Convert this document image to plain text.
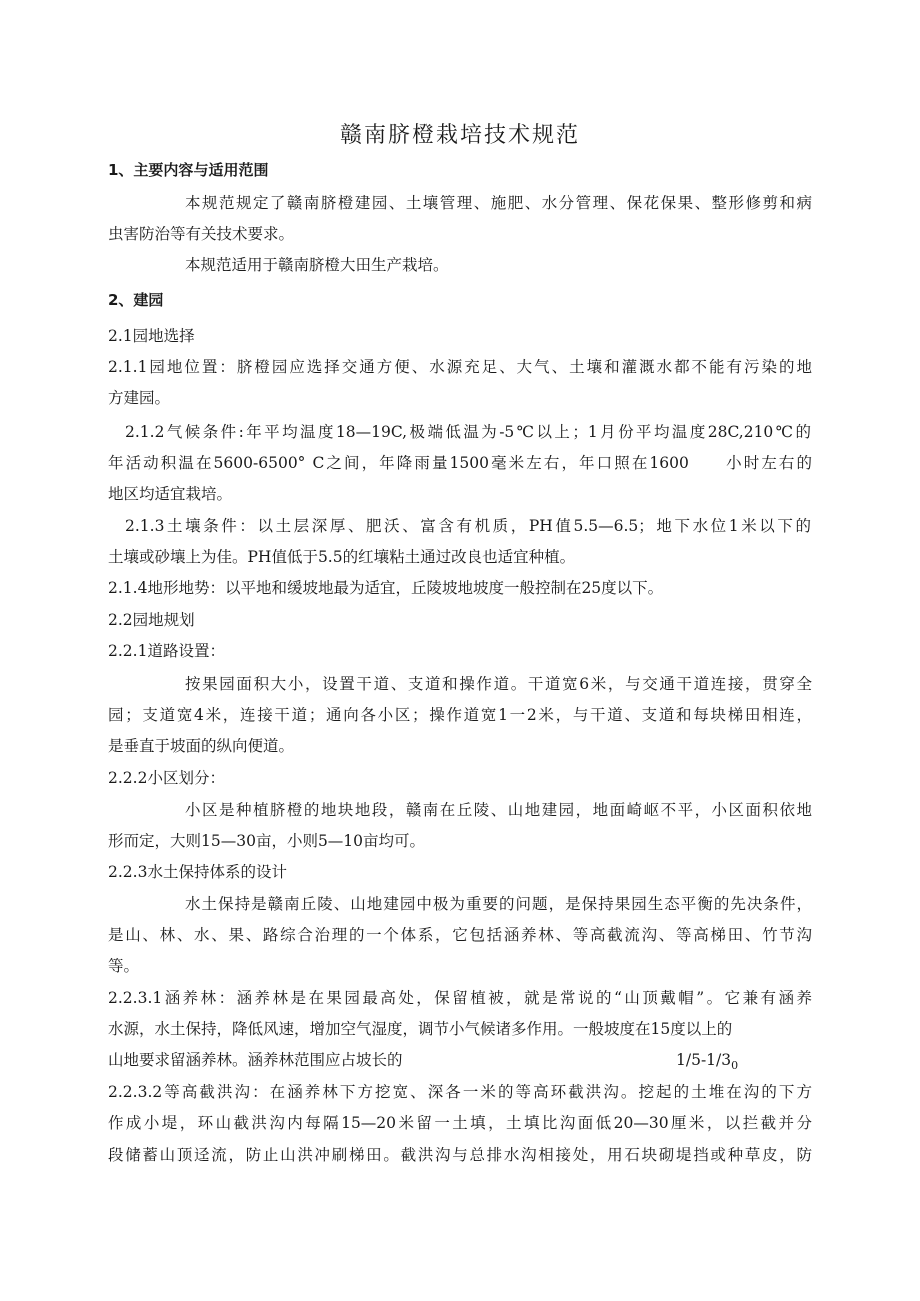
赣南脐橙栽培技术规范

1、主要内容与适用范围

本规范规定了赣南脐橙建园、土壤管理、施肥、水分管理、保花保果、整形修剪和病

虫害防治等有关技术要求。

本规范适用于赣南脐橙大田生产栽培。

2、建园

2.1园地选择

2.1.1园地位置：脐橙园应选择交通方便、水源充足、大气、土壤和灌溉水都不能有污染的地

方建园。

2.1.2气候条件:年平均温度18—19C,极端低温为-5℃以上；1月份平均温度28C,210℃的

年活动积温在5600-6500° C之间，年降雨量1500毫米左右，年口照在1600　　小时左右的

地区均适宜栽培。

2.1.3土壤条件：以土层深厚、肥沃、富含有机质，PH值5.5—6.5；地下水位1米以下的

土壤或砂壤上为佳。PH值低于5.5的红壤粘土通过改良也适宜种植。

2.1.4地形地势：以平地和缓坡地最为适宜，丘陵坡地坡度一般控制在25度以下。

2.2园地规划

2.2.1道路设置：

按果园面积大小，设置干道、支道和操作道。干道宽6米，与交通干道连接，贯穿全

园；支道宽4米，连接干道；通向各小区；操作道宽1一2米，与干道、支道和每块梯田相连，

是垂直于坡面的纵向便道。

2.2.2小区划分：

小区是种植脐橙的地块地段，赣南在丘陵、山地建园，地面崎岖不平，小区面积依地

形而定，大则15—30亩，小则5—10亩均可。

2.2.3水土保持体系的设计

水土保持是赣南丘陵、山地建园中极为重要的问题，是保持果园生态平衡的先决条件，

是山、林、水、果、路综合治理的一个体系，它包括涵养林、等高截流沟、等高梯田、竹节沟

等。

2.2.3.1涵养林：涵养林是在果园最高处，保留植被，就是常说的“山顶戴帽”。它兼有涵养

水源，水土保持，降低风速，增加空气湿度，调节小气候诸多作用。一般坡度在15度以上的

山地要求留涵养林。涵养林范围应占坡长的	$1/5-1/3_0$

2.2.3.2等高截洪沟：在涵养林下方挖宽、深各一米的等高环截洪沟。挖起的土堆在沟的下方

作成小堤，环山截洪沟内每隔15—20米留一土填，土填比沟面低20—30厘米，以拦截并分

段储蓄山顶迳流，防止山洪冲刷梯田。截洪沟与总排水沟相接处，用石块砌堤挡或种草皮，防
